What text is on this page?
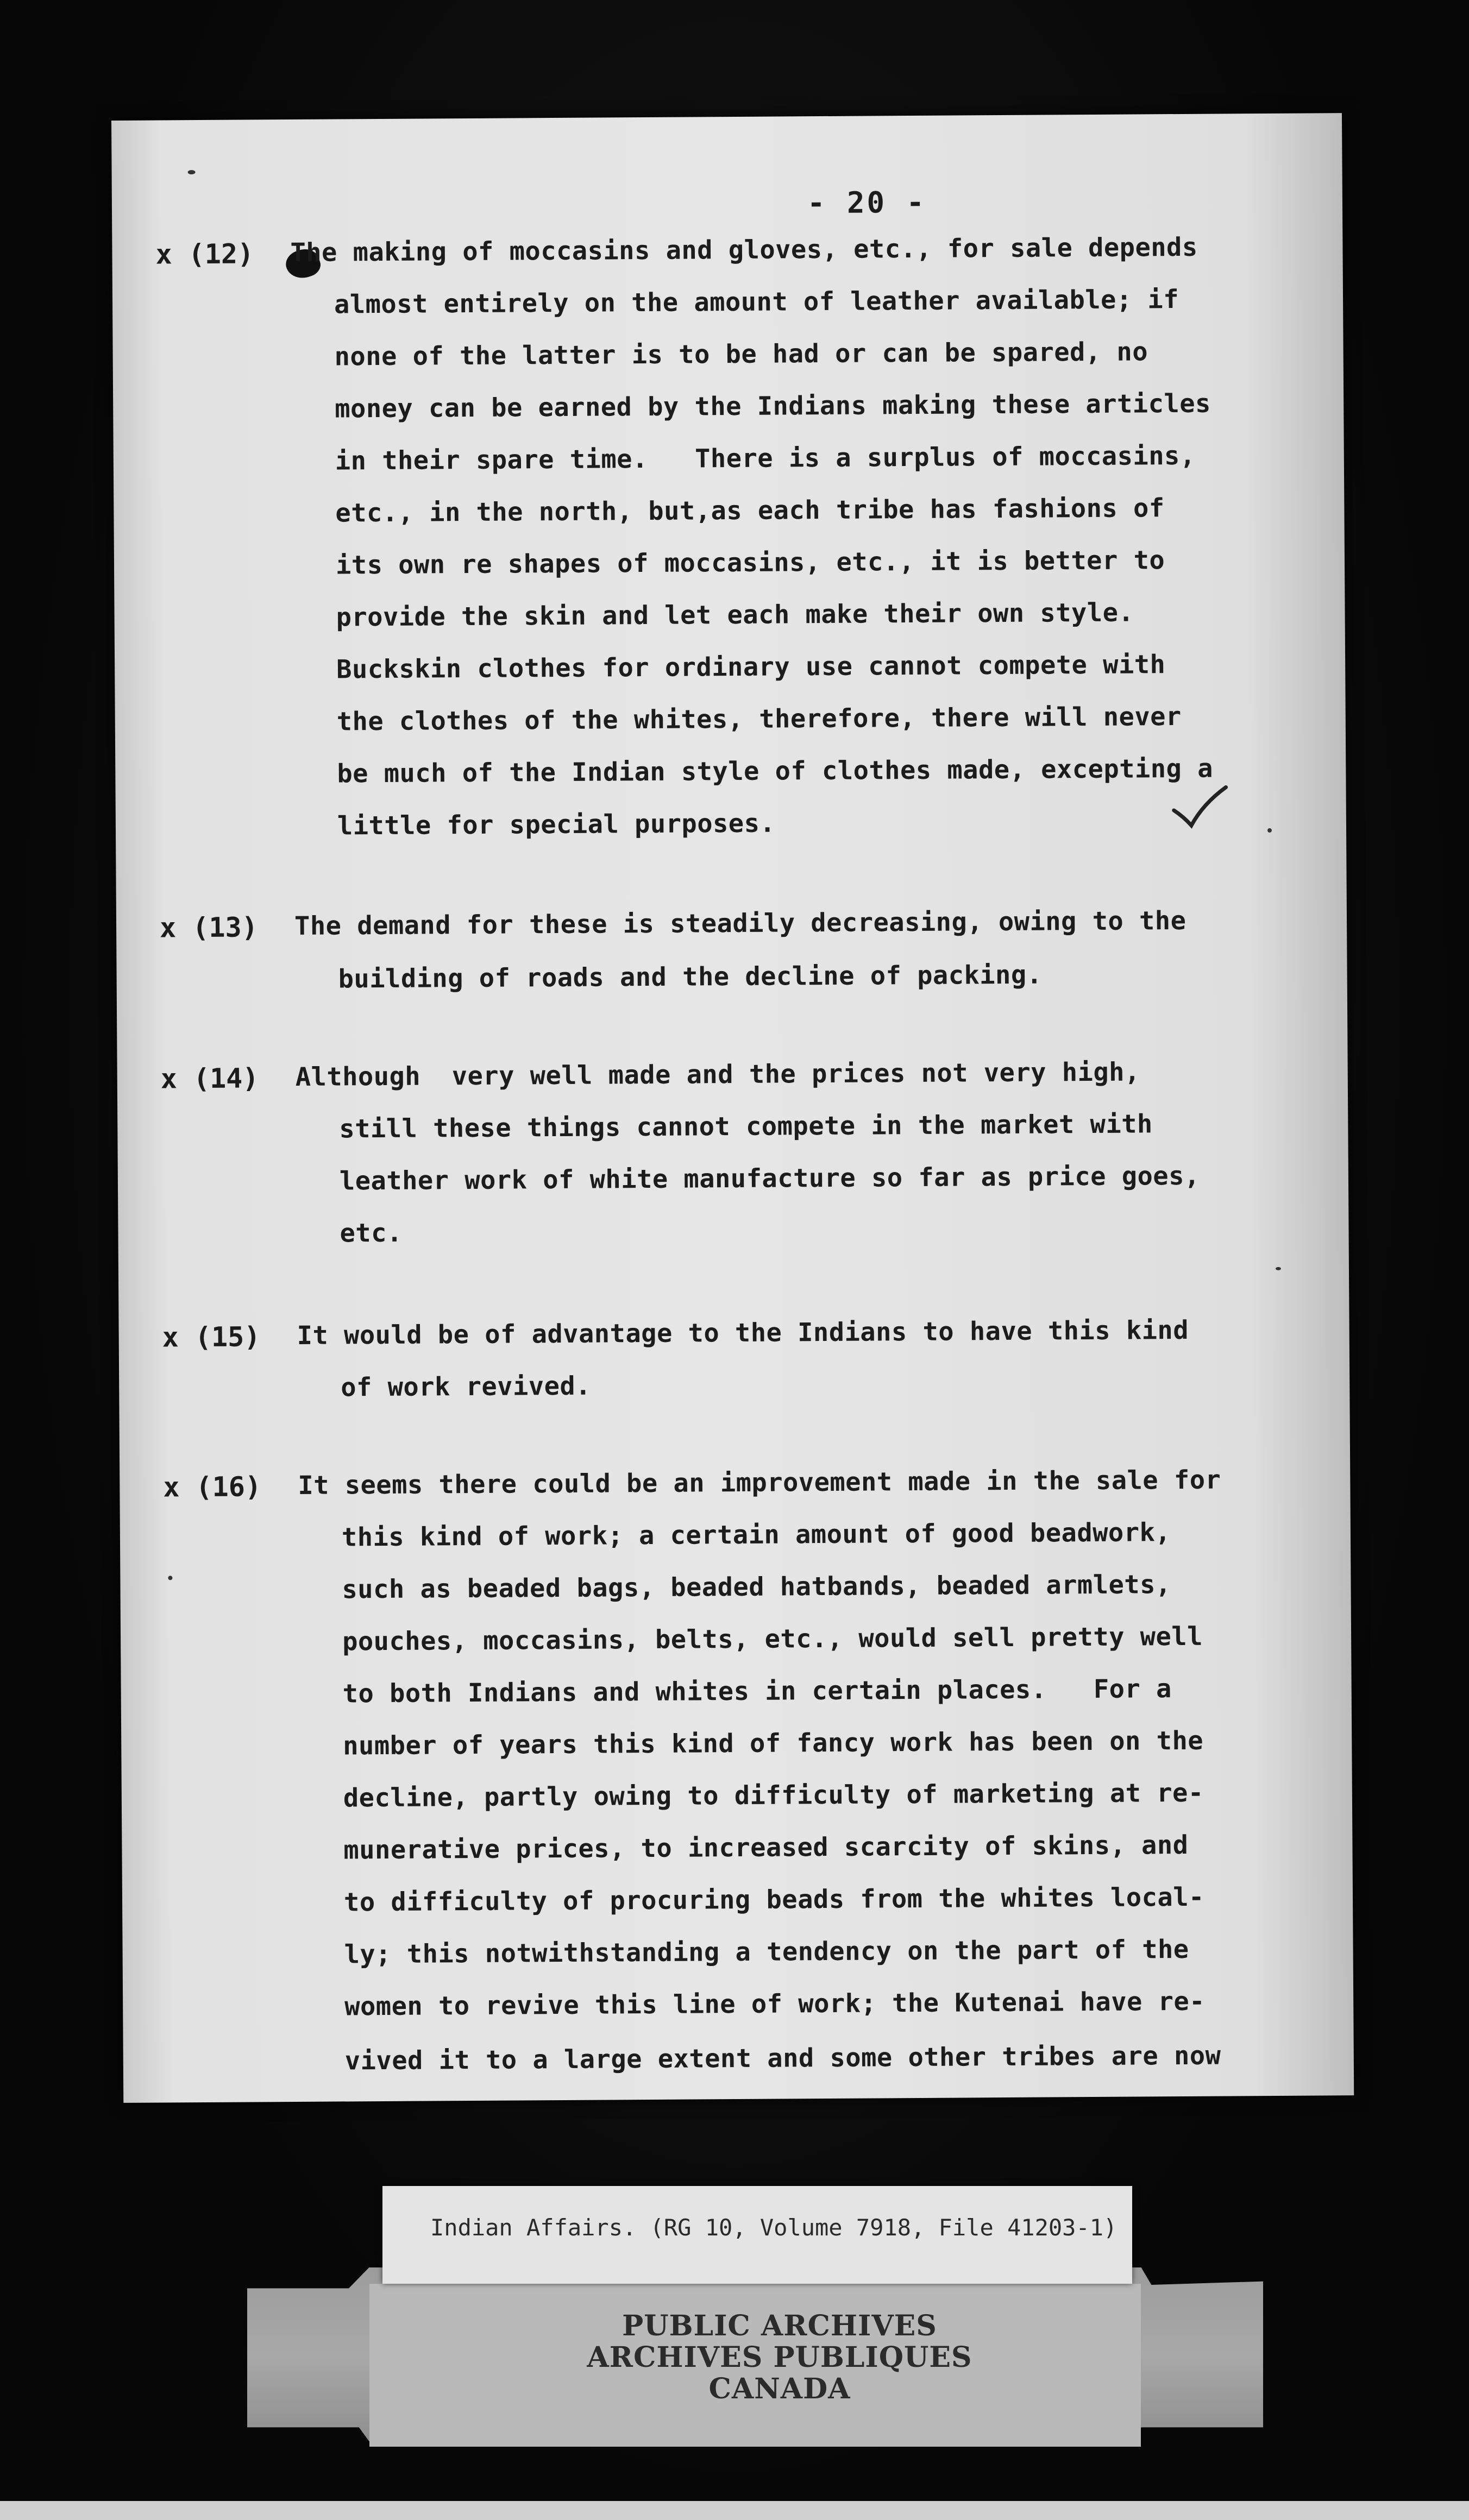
- 20 -
x (12) The making of moccasins and gloves, etc., for sale depends
almost entirely on the amount of leather available; if
none of the latter is to be had or can be spared, no
money can be earned by the Indians making these articles
in their spare time.   There is a surplus of moccasins,
etc., in the north, but,as each tribe has fashions of
its own re shapes of moccasins, etc., it is better to
provide the skin and let each make their own style.
Buckskin clothes for ordinary use cannot compete with
the clothes of the whites, therefore, there will never
be much of the Indian style of clothes made, excepting a
little for special purposes.
x (13) The demand for these is steadily decreasing, owing to the
building of roads and the decline of packing.
x (14) Although  very well made and the prices not very high,
still these things cannot compete in the market with
leather work of white manufacture so far as price goes,
etc.
x (15) It would be of advantage to the Indians to have this kind
of work revived.
x (16) It seems there could be an improvement made in the sale for
this kind of work; a certain amount of good beadwork,
such as beaded bags, beaded hatbands, beaded armlets,
pouches, moccasins, belts, etc., would sell pretty well
to both Indians and whites in certain places.   For a
number of years this kind of fancy work has been on the
decline, partly owing to difficulty of marketing at re-
munerative prices, to increased scarcity of skins, and
to difficulty of procuring beads from the whites local-
ly; this notwithstanding a tendency on the part of the
women to revive this line of work; the Kutenai have re-
vived it to a large extent and some other tribes are now
PUBLIC ARCHIVES
ARCHIVES PUBLIQUES
CANADA
Indian Affairs. (RG 10, Volume 7918, File 41203-1)
